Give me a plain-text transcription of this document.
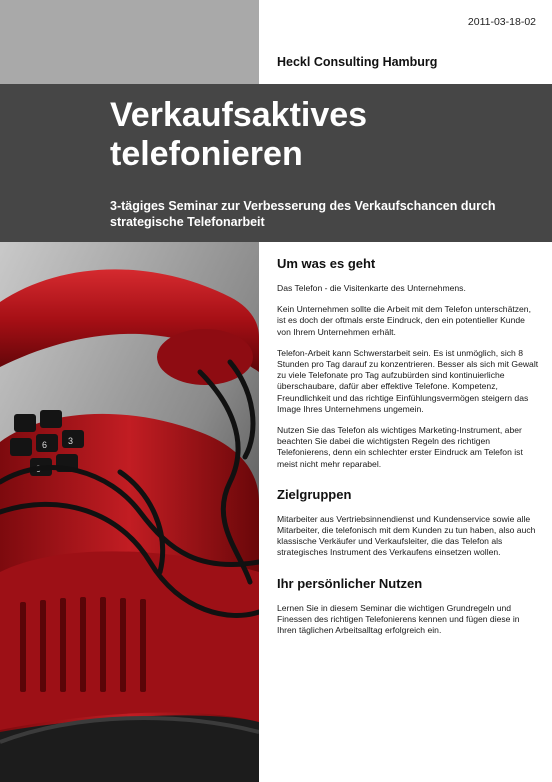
2011-03-18-02
Heckl Consulting Hamburg
Verkaufsaktives
telefonieren

3-tägiges Seminar zur Verbesserung des Verkaufschancen durch strategische Telefonarbeit

3
6
9
Um was es geht

Das Telefon - die Visitenkarte des Unternehmens.

Kein Unternehmen sollte die Arbeit mit dem Telefon unterschätzen, ist es doch der oftmals erste Eindruck, den ein potentieller Kunde von Ihrem Unternehmen erhält.

Telefon-Arbeit kann Schwerstarbeit sein. Es ist unmöglich, sich 8 Stunden pro Tag darauf zu konzentrieren. Besser als sich mit Gewalt zu viele Telefonate pro Tag aufzubürden sind kontinuierliche überschaubare, dafür aber effektive Telefone. Kompetenz, Freundlichkeit und das richtige Einfühlungsvermögen steigern das Image Ihres Unternehmens ungemein.

Nutzen Sie das Telefon als wichtiges Marketing-Instrument, aber beachten Sie dabei die wichtigsten Regeln des richtigen Telefonierens, denn ein schlechter erster Eindruck am Telefon ist meist nicht mehr reparabel.

Zielgruppen

Mitarbeiter aus Vertriebsinnendienst und Kundenservice sowie alle Mitarbeiter, die telefonisch mit dem Kunden zu tun haben, also auch klassische Verkäufer und Verkaufsleiter, die das Telefon als strategisches Instrument des Verkaufens einsetzen wollen.

Ihr persönlicher Nutzen

Lernen Sie in diesem Seminar die wichtigen Grundregeln und Finessen des richtigen Telefonierens kennen und fügen diese in Ihren täglichen Arbeitsalltag erfolgreich ein.
